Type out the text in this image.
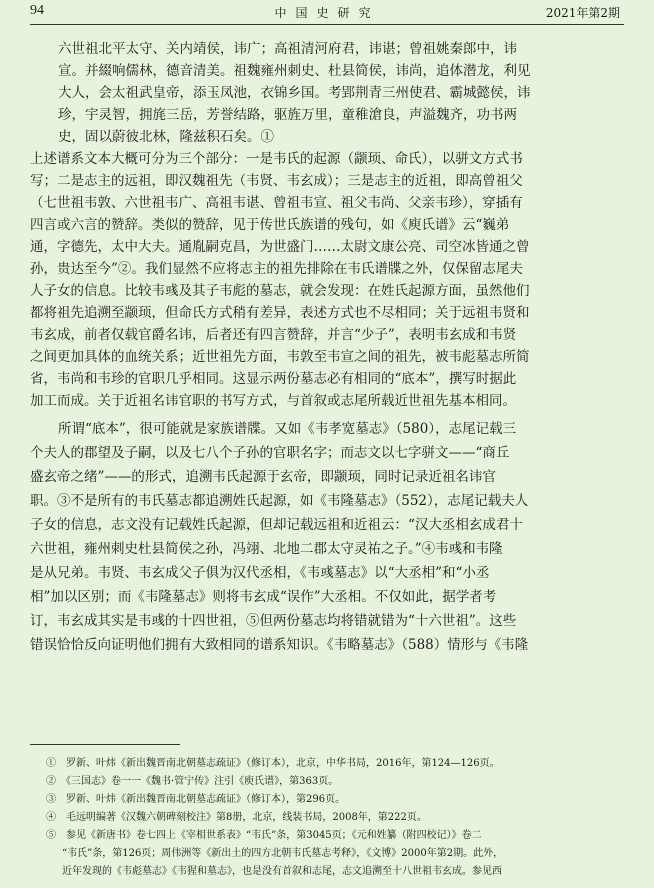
94	中国史研究	2021年第2期
六世祖北平太守、关内靖侯，讳广；高祖清河府君，讳谌；曾祖姚秦郎中，讳
宣。并綴响儒林，德音清美。祖魏雍州刺史、杜县简侯，讳尚，追体潜龙，利见
大人，会太祖武皇帝，添玉凤池，衣锦乡国。考郢荆青三州使君、霸城懿侯，讳
珍，宇灵智，拥旄三岳，芳誉结路，驱旌万里，童稚滄良，声溢魏齐，功书两
史，固以蔚彼北林，隆兹积石矣。①
上述谱系文本大概可分为三个部分：一是韦氏的起源（颛顼、命氏），以骈文方式书
写；二是志主的远祖，即汉魏祖先（韦贤、韦玄成）；三是志主的近祖，即高曾祖父
（七世祖韦敦、六世祖韦广、高祖韦谌、曾祖韦宣、祖父韦尚、父亲韦珍），穿插有
四言或六言的赞辞。类似的赞辞，见于传世氏族谱的残句，如《庾氏谱》云“巍弟
通，字德先，太中大夫。通胤嗣克昌，为世盛门……太尉文康公亮、司空冰皆通之曾
孙，贵达至今”②。我们显然不应将志主的祖先排除在韦氏谱牒之外，仅保留志尾夫
人子女的信息。比较韦彧及其子韦彪的墓志，就会发现：在姓氏起源方面，虽然他们
都将祖先追溯至颛顼，但命氏方式稍有差异，表述方式也不尽相同；关于远祖韦贤和
韦玄成，前者仅载官爵名讳，后者还有四言赞辞，并言“少子”，表明韦玄成和韦贤
之间更加具体的血统关系；近世祖先方面，韦敦至韦宣之间的祖先，被韦彪墓志所简
省，韦尚和韦珍的官职几乎相同。这显示两份墓志必有相同的“底本”，撰写时据此
加工而成。关于近祖名讳官职的书写方式，与首叙或志尾所载近世祖先基本相同。
所谓“底本”，很可能就是家族谱牒。又如《韦孝宽墓志》（580），志尾记载三
个夫人的郡望及子嗣，以及七八个子孙的官职名字；而志文以七字骈文——“商丘
盛玄帝之绪”——的形式，追溯韦氏起源于玄帝，即颛顼，同时记录近祖名讳官
职。③不是所有的韦氏墓志都追溯姓氏起源，如《韦隆墓志》（552），志尾记载夫人
子女的信息，志文没有记载姓氏起源，但却记载远祖和近祖云：“汉大丞相玄成君十
六世祖，雍州刺史杜县简侯之孙，冯翊、北地二郡太守灵祐之子。”④韦彧和韦隆
是从兄弟。韦贤、韦玄成父子俱为汉代丞相，《韦彧墓志》以“大丞相”和“小丞
相”加以区别；而《韦隆墓志》则将韦玄成“误作”大丞相。不仅如此，据学者考
订，韦玄成其实是韦彧的十四世祖，⑤但两份墓志均将错就错为“十六世祖”。这些
错误恰恰反向证明他们拥有大致相同的谱系知识。《韦略墓志》（588）情形与《韦隆
①　罗新、叶炜《新出魏晋南北朝墓志疏证》（修订本），北京，中华书局，2016年，第124—126页。
②　《三国志》卷一一《魏书·管宁传》注引《庾氏谱》，第363页。
③　罗新、叶炜《新出魏晋南北朝墓志疏证》（修订本），第296页。
④　毛远明编著《汉魏六朝碑刻校注》第8册，北京，线装书局，2008年，第222页。
⑤　参见《新唐书》卷七四上《宰相世系表》“韦氏”条，第3045页；《元和姓纂（附四校记）》卷二
“韦氏”条，第126页；周伟洲等《新出土的四方北朝韦氏墓志考释》，《文博》2000年第2期。此外，
近年发现的《韦彪墓志》《韦猩和墓志》，也是没有首叙和志尾，志文追溯至十八世祖韦玄成。参见西
